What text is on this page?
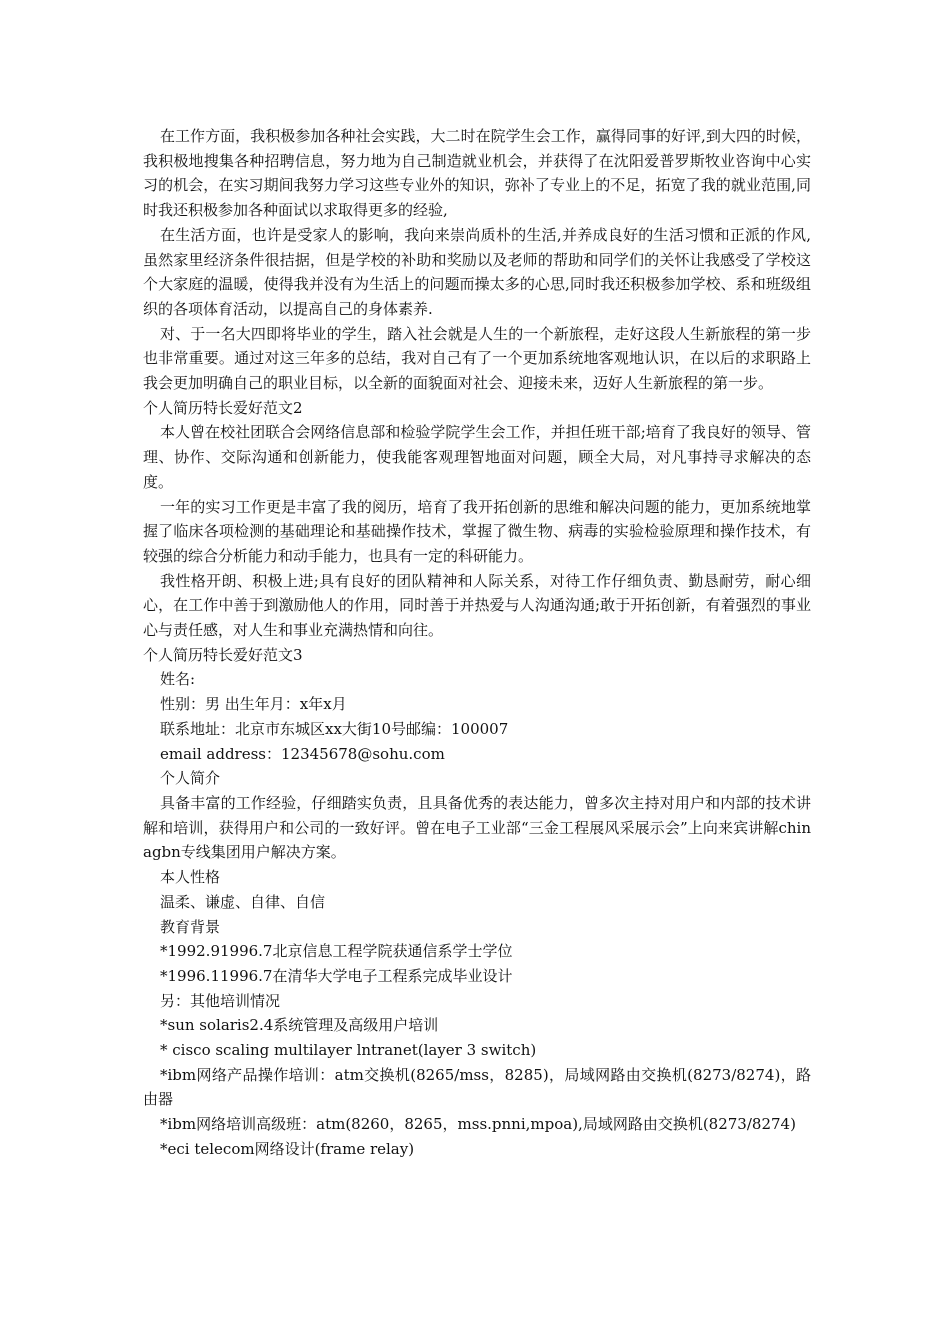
在工作方面，我积极参加各种社会实践，大二时在院学生会工作，赢得同事的好评,到大四的时候，我积极地搜集各种招聘信息，努力地为自己制造就业机会，并获得了在沈阳爱普罗斯牧业咨询中心实习的机会，在实习期间我努力学习这些专业外的知识，弥补了专业上的不足，拓宽了我的就业范围,同时我还积极参加各种面试以求取得更多的经验,

在生活方面，也许是受家人的影响，我向来崇尚质朴的生活,并养成良好的生活习惯和正派的作风,虽然家里经济条件很拮据，但是学校的补助和奖励以及老师的帮助和同学们的关怀让我感受了学校这个大家庭的温暖，使得我并没有为生活上的问题而操太多的心思,同时我还积极参加学校、系和班级组织的各项体育活动，以提高自己的身体素养.

对、于一名大四即将毕业的学生，踏入社会就是人生的一个新旅程，走好这段人生新旅程的第一步也非常重要。通过对这三年多的总结，我对自己有了一个更加系统地客观地认识，在以后的求职路上我会更加明确自己的职业目标，以全新的面貌面对社会、迎接未来，迈好人生新旅程的第一步。

个人简历特长爱好范文2

本人曾在校社团联合会网络信息部和检验学院学生会工作，并担任班干部;培育了我良好的领导、管理、协作、交际沟通和创新能力，使我能客观理智地面对问题，顾全大局，对凡事持寻求解决的态度。

一年的实习工作更是丰富了我的阅历，培育了我开拓创新的思维和解决问题的能力，更加系统地掌握了临床各项检测的基础理论和基础操作技术，掌握了微生物、病毒的实验检验原理和操作技术，有较强的综合分析能力和动手能力，也具有一定的科研能力。

我性格开朗、积极上进;具有良好的团队精神和人际关系，对待工作仔细负责、勤恳耐劳，耐心细心，在工作中善于到激励他人的作用，同时善于并热爱与人沟通沟通;敢于开拓创新，有着强烈的事业心与责任感，对人生和事业充满热情和向往。

个人简历特长爱好范文3

姓名:

性别：男 出生年月：x年x月

联系地址：北京市东城区xx大街10号邮编：100007

email address：12345678@sohu.com

个人简介

具备丰富的工作经验，仔细踏实负责，且具备优秀的表达能力，曾多次主持对用户和内部的技术讲解和培训，获得用户和公司的一致好评。曾在电子工业部“三金工程展风采展示会”上向来宾讲解chinagbn专线集团用户解决方案。

本人性格

温柔、谦虚、自律、自信

教育背景

*1992.91996.7北京信息工程学院获通信系学士学位

*1996.11996.7在清华大学电子工程系完成毕业设计

另：其他培训情况

*sun solaris2.4系统管理及高级用户培训

* cisco scaling multilayer lntranet(layer 3 switch)

*ibm网络产品操作培训：atm交换机(8265/mss，8285)，局域网路由交换机(8273/8274)，路由器

*ibm网络培训高级班：atm(8260，8265，mss.pnni,mpoa),局域网路由交换机(8273/8274)

*eci telecom网络设计(frame relay)
